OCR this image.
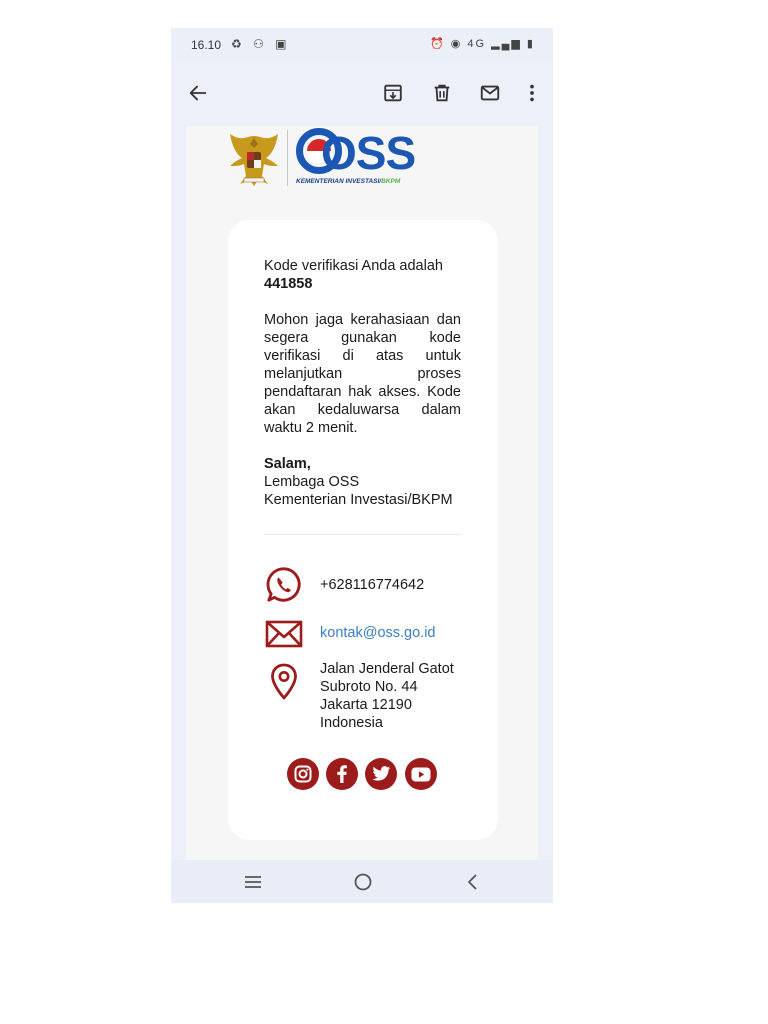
16.10 ♻ ⚇ ▣	⏰ ◉ 4G ▂▄▆ ▮
OSS
KEMENTERIAN INVESTASI/BKPM
Kode verifikasi Anda adalah
441858
Mohon jaga kerahasiaan dan segera gunakan kode verifikasi di atas untuk melanjutkan proses pendaftaran hak akses. Kode akan kedaluwarsa dalam waktu 2 menit.
Salam,
Lembaga OSS
Kementerian Investasi/BKPM
+628116774642
kontak@oss.go.id
Jalan Jenderal Gatot
Subroto No. 44
Jakarta 12190
Indonesia
